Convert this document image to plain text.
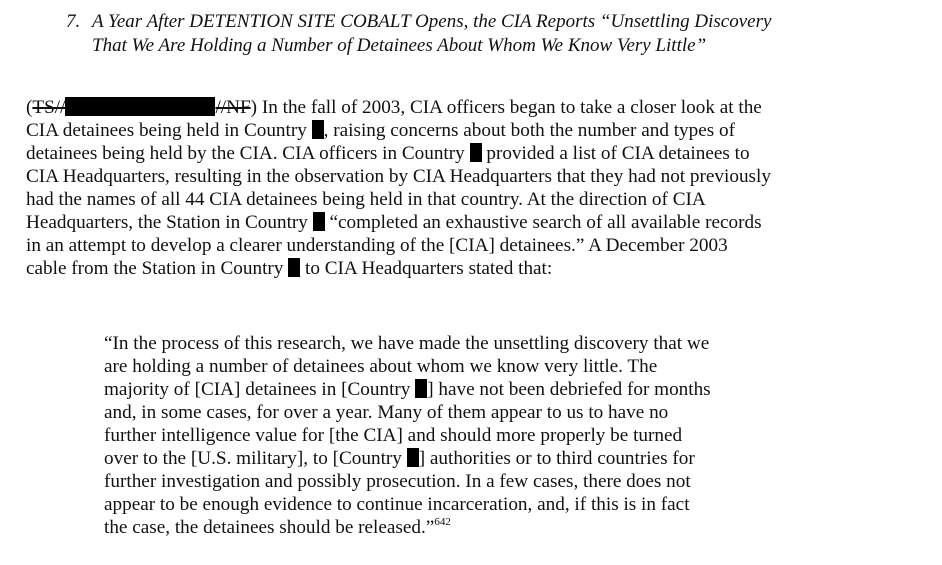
7. A Year After DETENTION SITE COBALT Opens, the CIA Reports “Unsettling Discovery
That We Are Holding a Number of Detainees About Whom We Know Very Little”
(TS//	//NF) In the fall of 2003, CIA officers began to take a closer look at the
CIA detainees being held in Country , raising concerns about both the number and types of
detainees being held by the CIA. CIA officers in Country  provided a list of CIA detainees to
CIA Headquarters, resulting in the observation by CIA Headquarters that they had not previously
had the names of all 44 CIA detainees being held in that country. At the direction of CIA
Headquarters, the Station in Country  “completed an exhaustive search of all available records
in an attempt to develop a clearer understanding of the [CIA] detainees.” A December 2003
cable from the Station in Country  to CIA Headquarters stated that:
“In the process of this research, we have made the unsettling discovery that we
are holding a number of detainees about whom we know very little. The
majority of [CIA] detainees in [Country ] have not been debriefed for months
and, in some cases, for over a year. Many of them appear to us to have no
further intelligence value for [the CIA] and should more properly be turned
over to the [U.S. military], to [Country ] authorities or to third countries for
further investigation and possibly prosecution. In a few cases, there does not
appear to be enough evidence to continue incarceration, and, if this is in fact
the case, the detainees should be released.”$^{642}$
